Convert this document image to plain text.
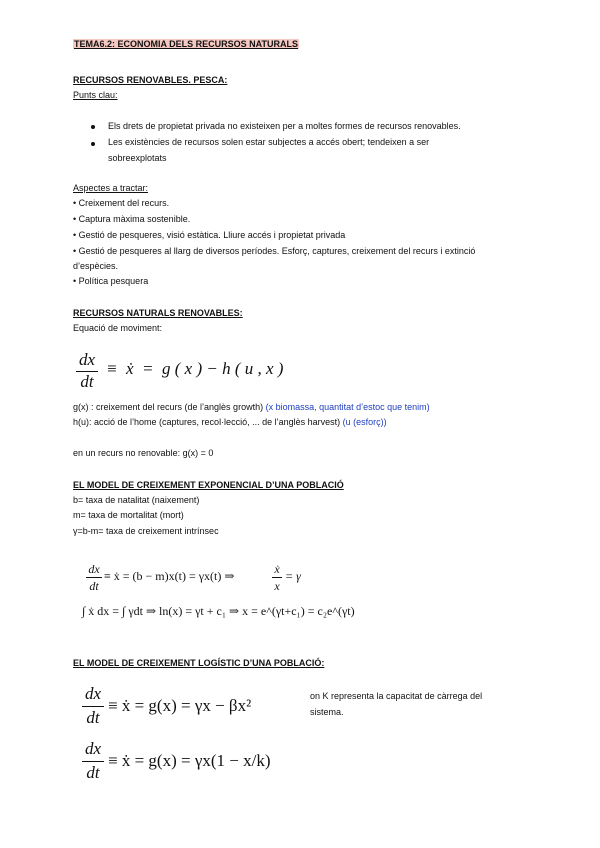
TEMA6.2: ECONOMIA DELS RECURSOS NATURALS
RECURSOS RENOVABLES. PESCA:
Punts clau:
Els drets de propietat privada no existeixen per a moltes formes de recursos renovables.
Les existències de recursos solen estar subjectes a accés obert; tendeixen a ser
sobreexplotats
Aspectes a tractar:
• Creixement del recurs.
• Captura màxima sostenible.
• Gestió de pesqueres, visió estàtica. Lliure accés i propietat privada
• Gestió de pesqueres al llarg de diversos períodes. Esforç, captures, creixement del recurs i extinció
d’espècies.
• Política pesquera
RECURSOS NATURALS RENOVABLES:
Equació de moviment:
dx
dt
≡  ẋ  =  g ( x ) − h ( u , x )
g(x) : creixement del recurs (de l’anglès growth) (x biomassa, quantitat d’estoc que tenim)
h(u): acció de l’home (captures, recol·lecció, ... de l’anglès harvest) (u (esforç))
en un recurs no renovable: g(x) = 0
EL MODEL DE CREIXEMENT EXPONENCIAL D’UNA POBLACIÓ
b= taxa de natalitat (naixement)
m= taxa de mortalitat (mort)
γ=b-m= taxa de creixement intrínsec
dx
dt
≡ ẋ = (b − m)x(t) = γx(t) ⇒	ẋ
x
= γ
∫ ẋ dx = ∫ γdt ⇒ ln(x) = γt + c₁ ⇒ x = e^(γt+c₁) = c₂e^(γt)
EL MODEL DE CREIXEMENT LOGÍSTIC D’UNA POBLACIÓ:
dx
dt
≡ ẋ = g(x) = γx − βx²	on K representa la capacitat de càrrega del sistema.
dx
dt
≡ ẋ = g(x) = γx(1 − x/k)
